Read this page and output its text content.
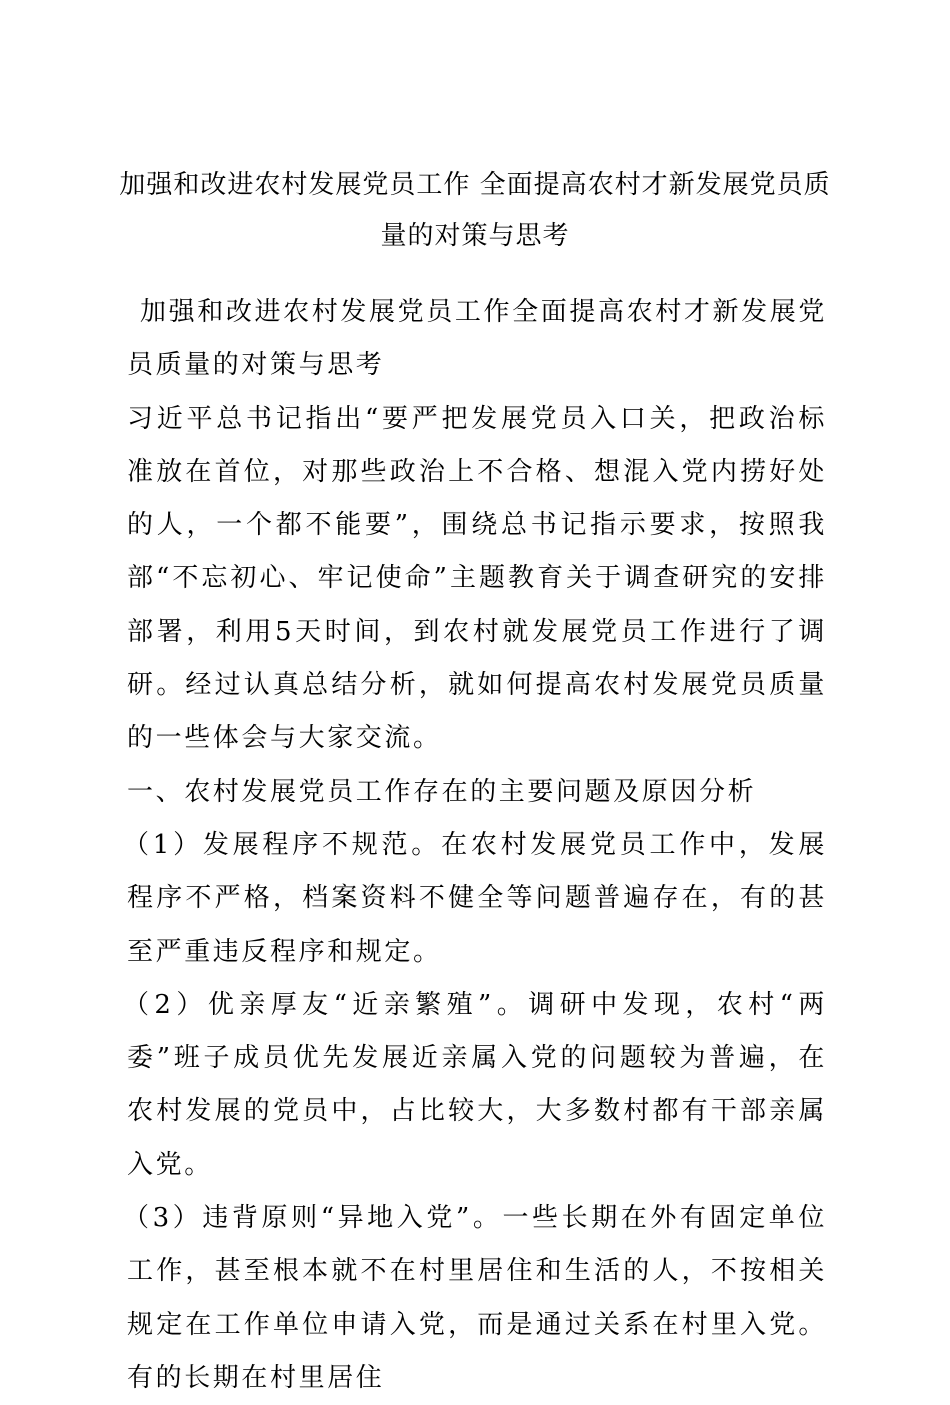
加强和改进农村发展党员工作 全面提高农村才新发展党员质量的对策与思考

加强和改进农村发展党员工作全面提高农村才新发展党员质量的对策与思考

习近平总书记指出“要严把发展党员入口关，把政治标准放在首位，对那些政治上不合格、想混入党内捞好处的人，一个都不能要”，围绕总书记指示要求，按照我部“不忘初心、牢记使命”主题教育关于调查研究的安排部署，利用5天时间，到农村就发展党员工作进行了调研。经过认真总结分析，就如何提高农村发展党员质量的一些体会与大家交流。

一、农村发展党员工作存在的主要问题及原因分析

（1）发展程序不规范。在农村发展党员工作中，发展程序不严格，档案资料不健全等问题普遍存在，有的甚至严重违反程序和规定。

（2）优亲厚友“近亲繁殖”。调研中发现，农村“两委”班子成员优先发展近亲属入党的问题较为普遍，在农村发展的党员中，占比较大，大多数村都有干部亲属入党。

（3）违背原则“异地入党”。一些长期在外有固定单位工作，甚至根本就不在村里居住和生活的人，不按相关规定在工作单位申请入党，而是通过关系在村里入党。有的长期在村里居住
